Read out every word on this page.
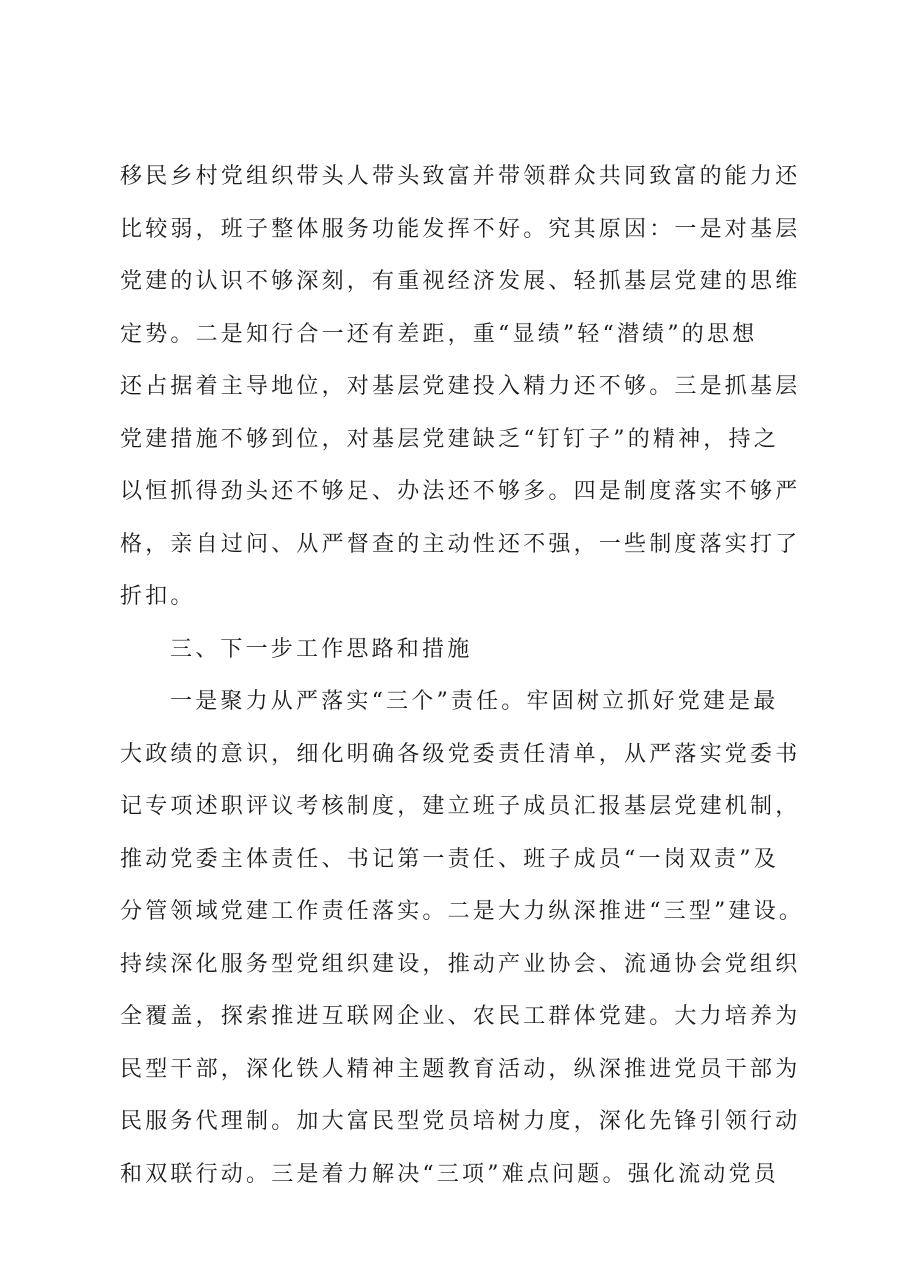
移民乡村党组织带头人带头致富并带领群众共同致富的能力还
比较弱，班子整体服务功能发挥不好。究其原因：一是对基层
党建的认识不够深刻，有重视经济发展、轻抓基层党建的思维
定势。二是知行合一还有差距，重“显绩”轻“潜绩”的思想
还占据着主导地位，对基层党建投入精力还不够。三是抓基层
党建措施不够到位，对基层党建缺乏“钉钉子”的精神，持之
以恒抓得劲头还不够足、办法还不够多。四是制度落实不够严
格，亲自过问、从严督查的主动性还不强，一些制度落实打了
折扣。
三、下一步工作思路和措施
一是聚力从严落实“三个”责任。牢固树立抓好党建是最
大政绩的意识，细化明确各级党委责任清单，从严落实党委书
记专项述职评议考核制度，建立班子成员汇报基层党建机制，
推动党委主体责任、书记第一责任、班子成员“一岗双责”及
分管领域党建工作责任落实。二是大力纵深推进“三型”建设。
持续深化服务型党组织建设，推动产业协会、流通协会党组织
全覆盖，探索推进互联网企业、农民工群体党建。大力培养为
民型干部，深化铁人精神主题教育活动，纵深推进党员干部为
民服务代理制。加大富民型党员培树力度，深化先锋引领行动
和双联行动。三是着力解决“三项”难点问题。强化流动党员
